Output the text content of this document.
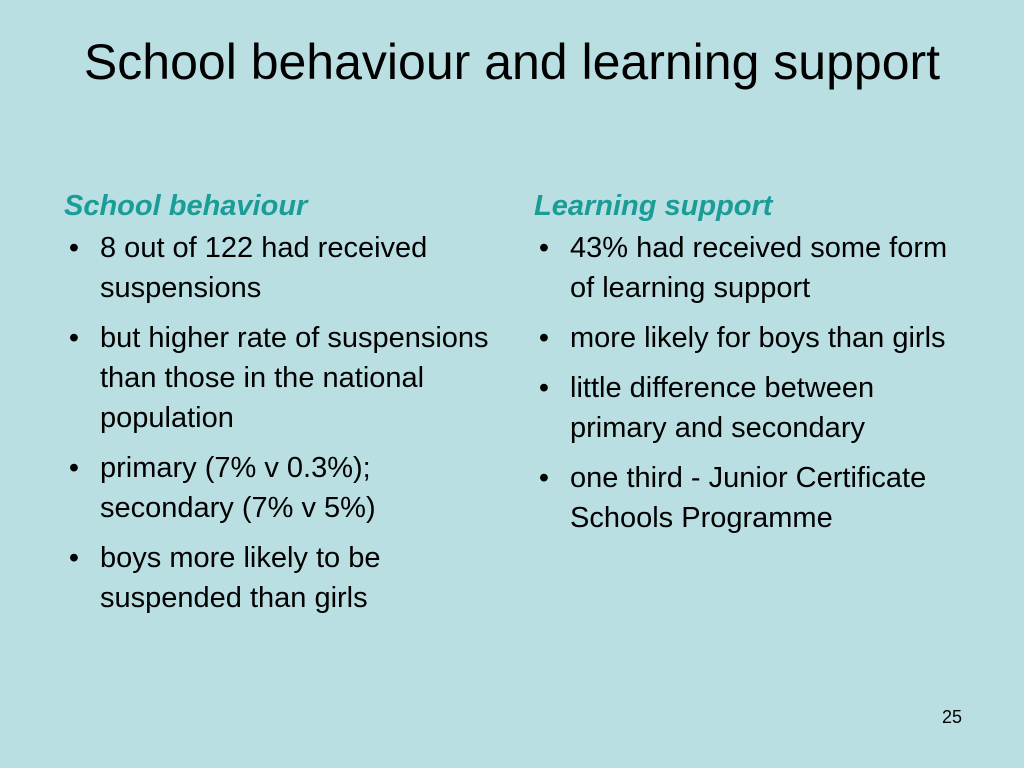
School behaviour and learning support
School behaviour
• 8 out of 122 had received suspensions
• but higher rate of suspensions than those in the national population
• primary (7% v 0.3%); secondary (7% v 5%)
• boys more likely to be suspended than girls
Learning support
• 43% had received some form of learning support
• more likely for boys than girls
• little difference between primary and secondary
• one third - Junior Certificate Schools Programme
25
